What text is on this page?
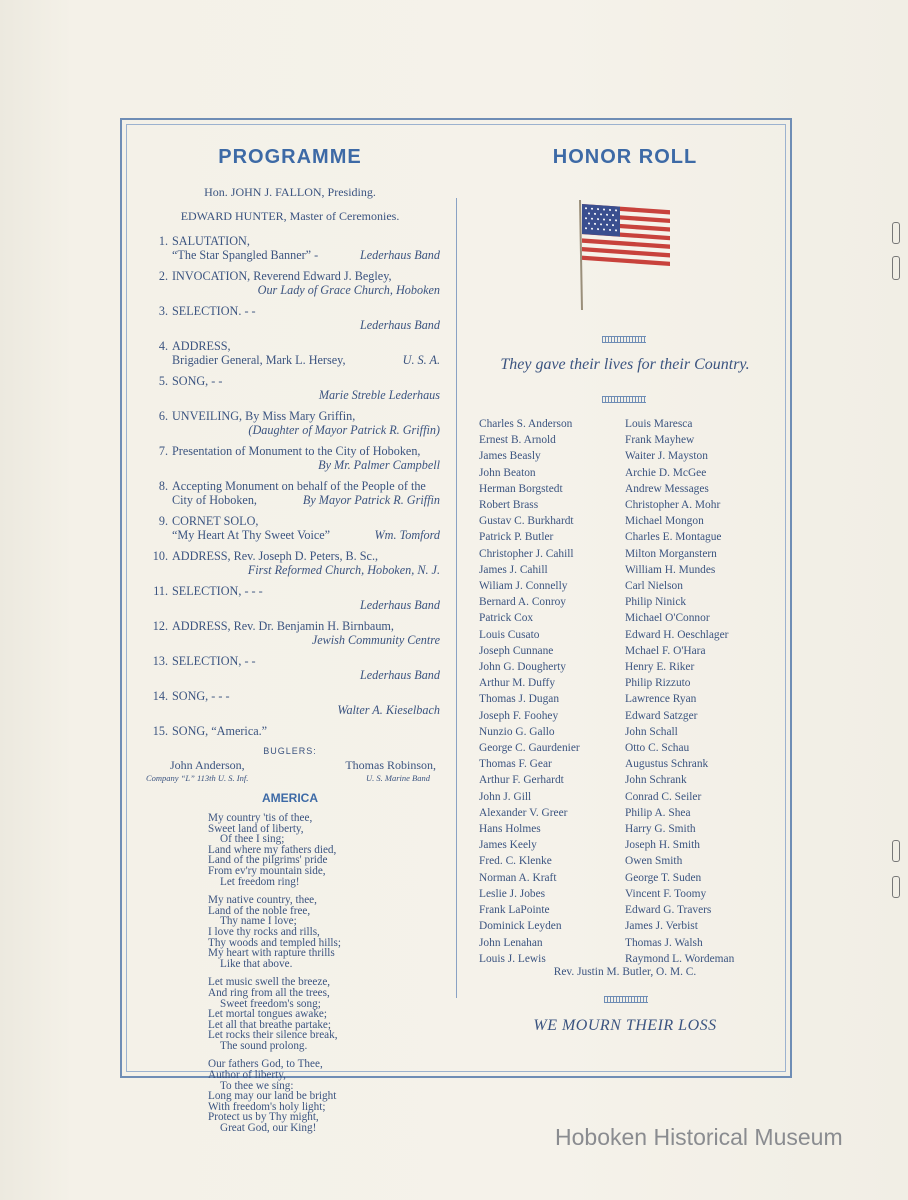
PROGRAMME
Hon. JOHN J. FALLON, Presiding.
EDWARD HUNTER, Master of Ceremonies.
1. SALUTATION,
“The Star Spangled Banner” -	Lederhaus Band
2. INVOCATION, Reverend Edward J. Begley,
Our Lady of Grace Church, Hoboken
3. SELECTION. - -
Lederhaus Band
4. ADDRESS,
Brigadier General, Mark L. Hersey,	U. S. A.
5. SONG, - -
Marie Streble Lederhaus
6. UNVEILING, By Miss Mary Griffin,
(Daughter of Mayor Patrick R. Griffin)
7. Presentation of Monument to the City of Hoboken,
By Mr. Palmer Campbell
8. Accepting Monument on behalf of the People of the
City of Hoboken,	By Mayor Patrick R. Griffin
9. CORNET SOLO,
“My Heart At Thy Sweet Voice”	Wm. Tomford
10. ADDRESS, Rev. Joseph D. Peters, B. Sc.,
First Reformed Church, Hoboken, N. J.
11. SELECTION, - - -
Lederhaus Band
12. ADDRESS, Rev. Dr. Benjamin H. Birnbaum,
Jewish Community Centre
13. SELECTION, - -
Lederhaus Band
14. SONG, - - -
Walter A. Kieselbach
15. SONG, “America.”
BUGLERS:
John Anderson,	Thomas Robinson,
Company “L” 113th U. S. Inf.	U. S. Marine Band
AMERICA
My country 'tis of thee,
Sweet land of liberty,
Of thee I sing;
Land where my fathers died,
Land of the pilgrims' pride
From ev'ry mountain side,
Let freedom ring!
My native country, thee,
Land of the noble free,
Thy name I love;
I love thy rocks and rills,
Thy woods and templed hills;
My heart with rapture thrills
Like that above.
Let music swell the breeze,
And ring from all the trees,
Sweet freedom's song;
Let mortal tongues awake;
Let all that breathe partake;
Let rocks their silence break,
The sound prolong.
Our fathers God, to Thee,
Author of liberty,
To thee we sing:
Long may our land be bright
With freedom's holy light;
Protect us by Thy might,
Great God, our King!
HONOR ROLL
They gave their lives for their Country.
Charles S. Anderson
Ernest B. Arnold
James Beasly
John Beaton
Herman Borgstedt
Robert Brass
Gustav C. Burkhardt
Patrick P. Butler
Christopher J. Cahill
James J. Cahill
Wiliam J. Connelly
Bernard A. Conroy
Patrick Cox
Louis Cusato
Joseph Cunnane
John G. Dougherty
Arthur M. Duffy
Thomas J. Dugan
Joseph F. Foohey
Nunzio G. Gallo
George C. Gaurdenier
Thomas F. Gear
Arthur F. Gerhardt
John J. Gill
Alexander V. Greer
Hans Holmes
James Keely
Fred. C. Klenke
Norman A. Kraft
Leslie J. Jobes
Frank LaPointe
Dominick Leyden
John Lenahan
Louis J. Lewis
Louis Maresca
Frank Mayhew
Waiter J. Mayston
Archie D. McGee
Andrew Messages
Christopher A. Mohr
Michael Mongon
Charles E. Montague
Milton Morganstern
William H. Mundes
Carl Nielson
Philip Ninick
Michael O'Connor
Edward H. Oeschlager
Mchael F. O'Hara
Henry E. Riker
Philip Rizzuto
Lawrence Ryan
Edward Satzger
John Schall
Otto C. Schau
Augustus Schrank
John Schrank
Conrad C. Seiler
Philip A. Shea
Harry G. Smith
Joseph H. Smith
Owen Smith
George T. Suden
Vincent F. Toomy
Edward G. Travers
James J. Verbist
Thomas J. Walsh
Raymond L. Wordeman
Rev. Justin M. Butler, O. M. C.
WE MOURN THEIR LOSS
Hoboken Historical Museum
